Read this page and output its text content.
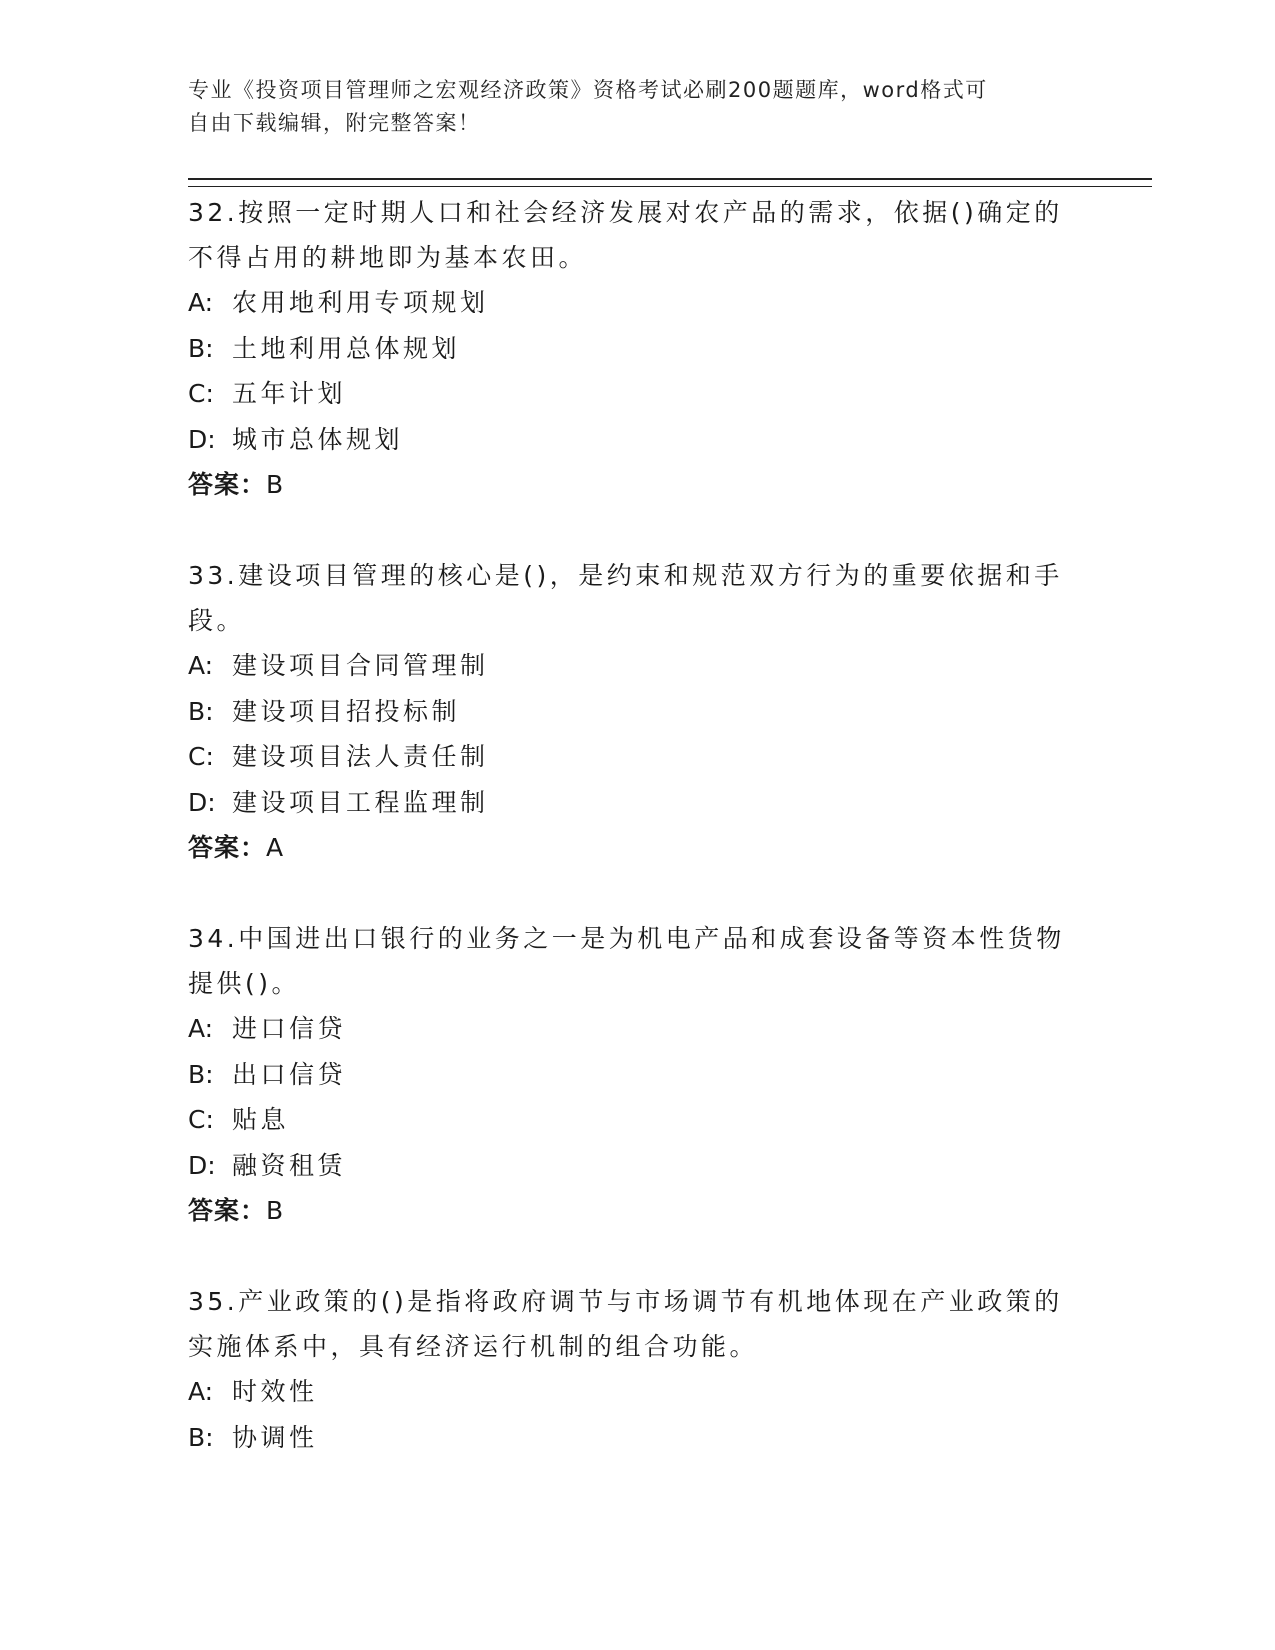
专业《投资项目管理师之宏观经济政策》资格考试必刷200题题库，word格式可
自由下载编辑，附完整答案！

32.按照一定时期人口和社会经济发展对农产品的需求，依据()确定的不得占用的耕地即为基本农田。

A: 农用地利用专项规划

B: 土地利用总体规划

C: 五年计划

D: 城市总体规划

答案：B

33.建设项目管理的核心是()，是约束和规范双方行为的重要依据和手段。

A: 建设项目合同管理制

B: 建设项目招投标制

C: 建设项目法人责任制

D: 建设项目工程监理制

答案：A

34.中国进出口银行的业务之一是为机电产品和成套设备等资本性货物提供()。

A: 进口信贷

B: 出口信贷

C: 贴息

D: 融资租赁

答案：B

35.产业政策的()是指将政府调节与市场调节有机地体现在产业政策的实施体系中，具有经济运行机制的组合功能。

A: 时效性

B: 协调性
